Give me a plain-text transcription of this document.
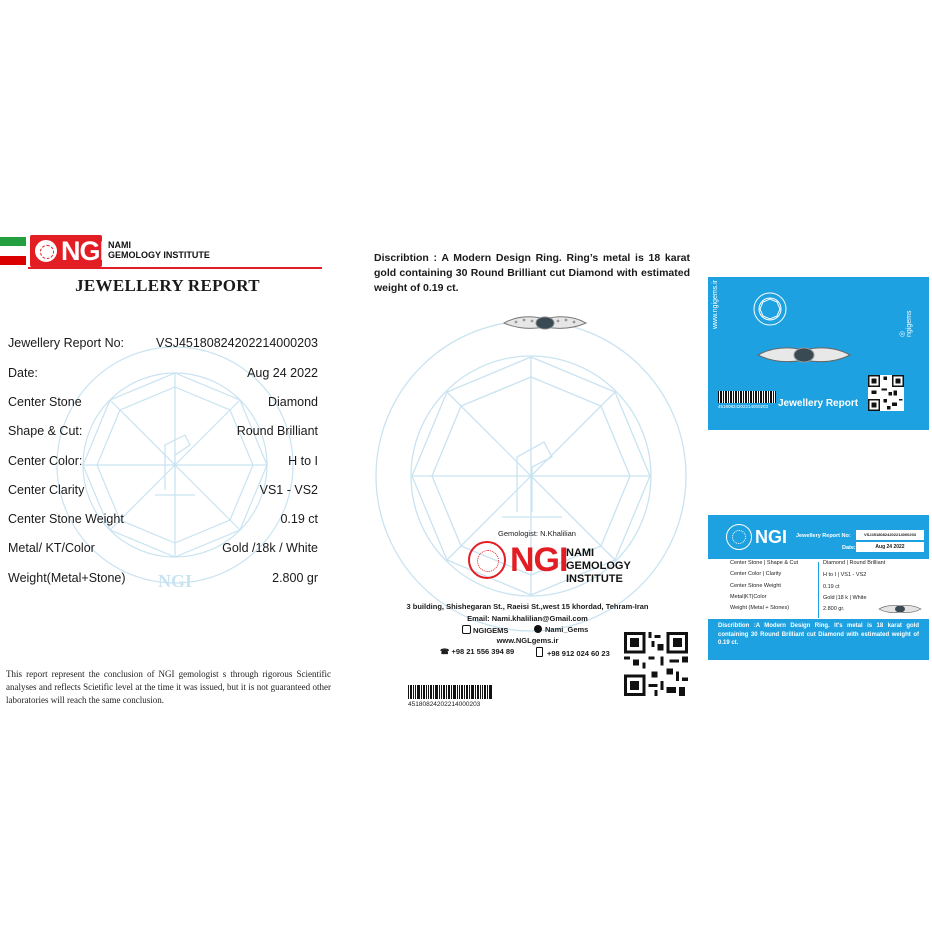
NGI NAMI
GEMOLOGY INSTITUTE
JEWELLERY REPORT
NGI
Jewellery Report No:	VSJ45180824202214000203
Date:	Aug 24 2022
Center Stone	Diamond
Shape & Cut:	Round Brilliant
Center Color:	H to I
Center Clarity	VS1 - VS2
Center Stone Weight	0.19 ct
Metal/ KT/Color	Gold /18k / White
Weight(Metal+Stone)	2.800 gr
This report represent the conclusion of NGI gemologist s through rigorous Scientific analyses and reflects Scietific level at the time it was issued, but it is not guaranteed other laboratories will reach the same conclusion.
Discribtion : A Modern Design Ring. Ring’s metal is 18 karat gold containing 30 Round Brilliant cut Diamond with estimated weight of 0.19 ct.
Gemologist: N.Khalilian
NGI
NAMI
GEMOLOGY INSTITUTE
3 building, Shishegaran St., Raeisi St.,west 15 khordad, Tehram-Iran
Email: Nami.khalilian@Gmail.com
NGIGEMS	Nami_Gems
www.NGLgems.ir
☎ +98 21 556 394 89	+98 912 024 60 23
45180824202214000203
www.ngigems.ir
◎ ngigems
45180824202214000203 Jewellery Report
NGI Jewellery Report No:	VSJ45180824202214000203
Date:	Aug 24 2022
Center Stone | Shape & Cut	Diamond | Round Brilliant
Center Color | Clarity	H to I | VS1 - VS2
Center Stone Weight	0.19 ct
Metal|KT|Color	Gold |18 k | White
Weight (Metal + Stones)	2.800 gr.
Discribtion :A Modern Design Ring. It's metal is 18 karat gold containing 30 Round Brilliant cut Diamond with estimated weight of 0.19 ct.
